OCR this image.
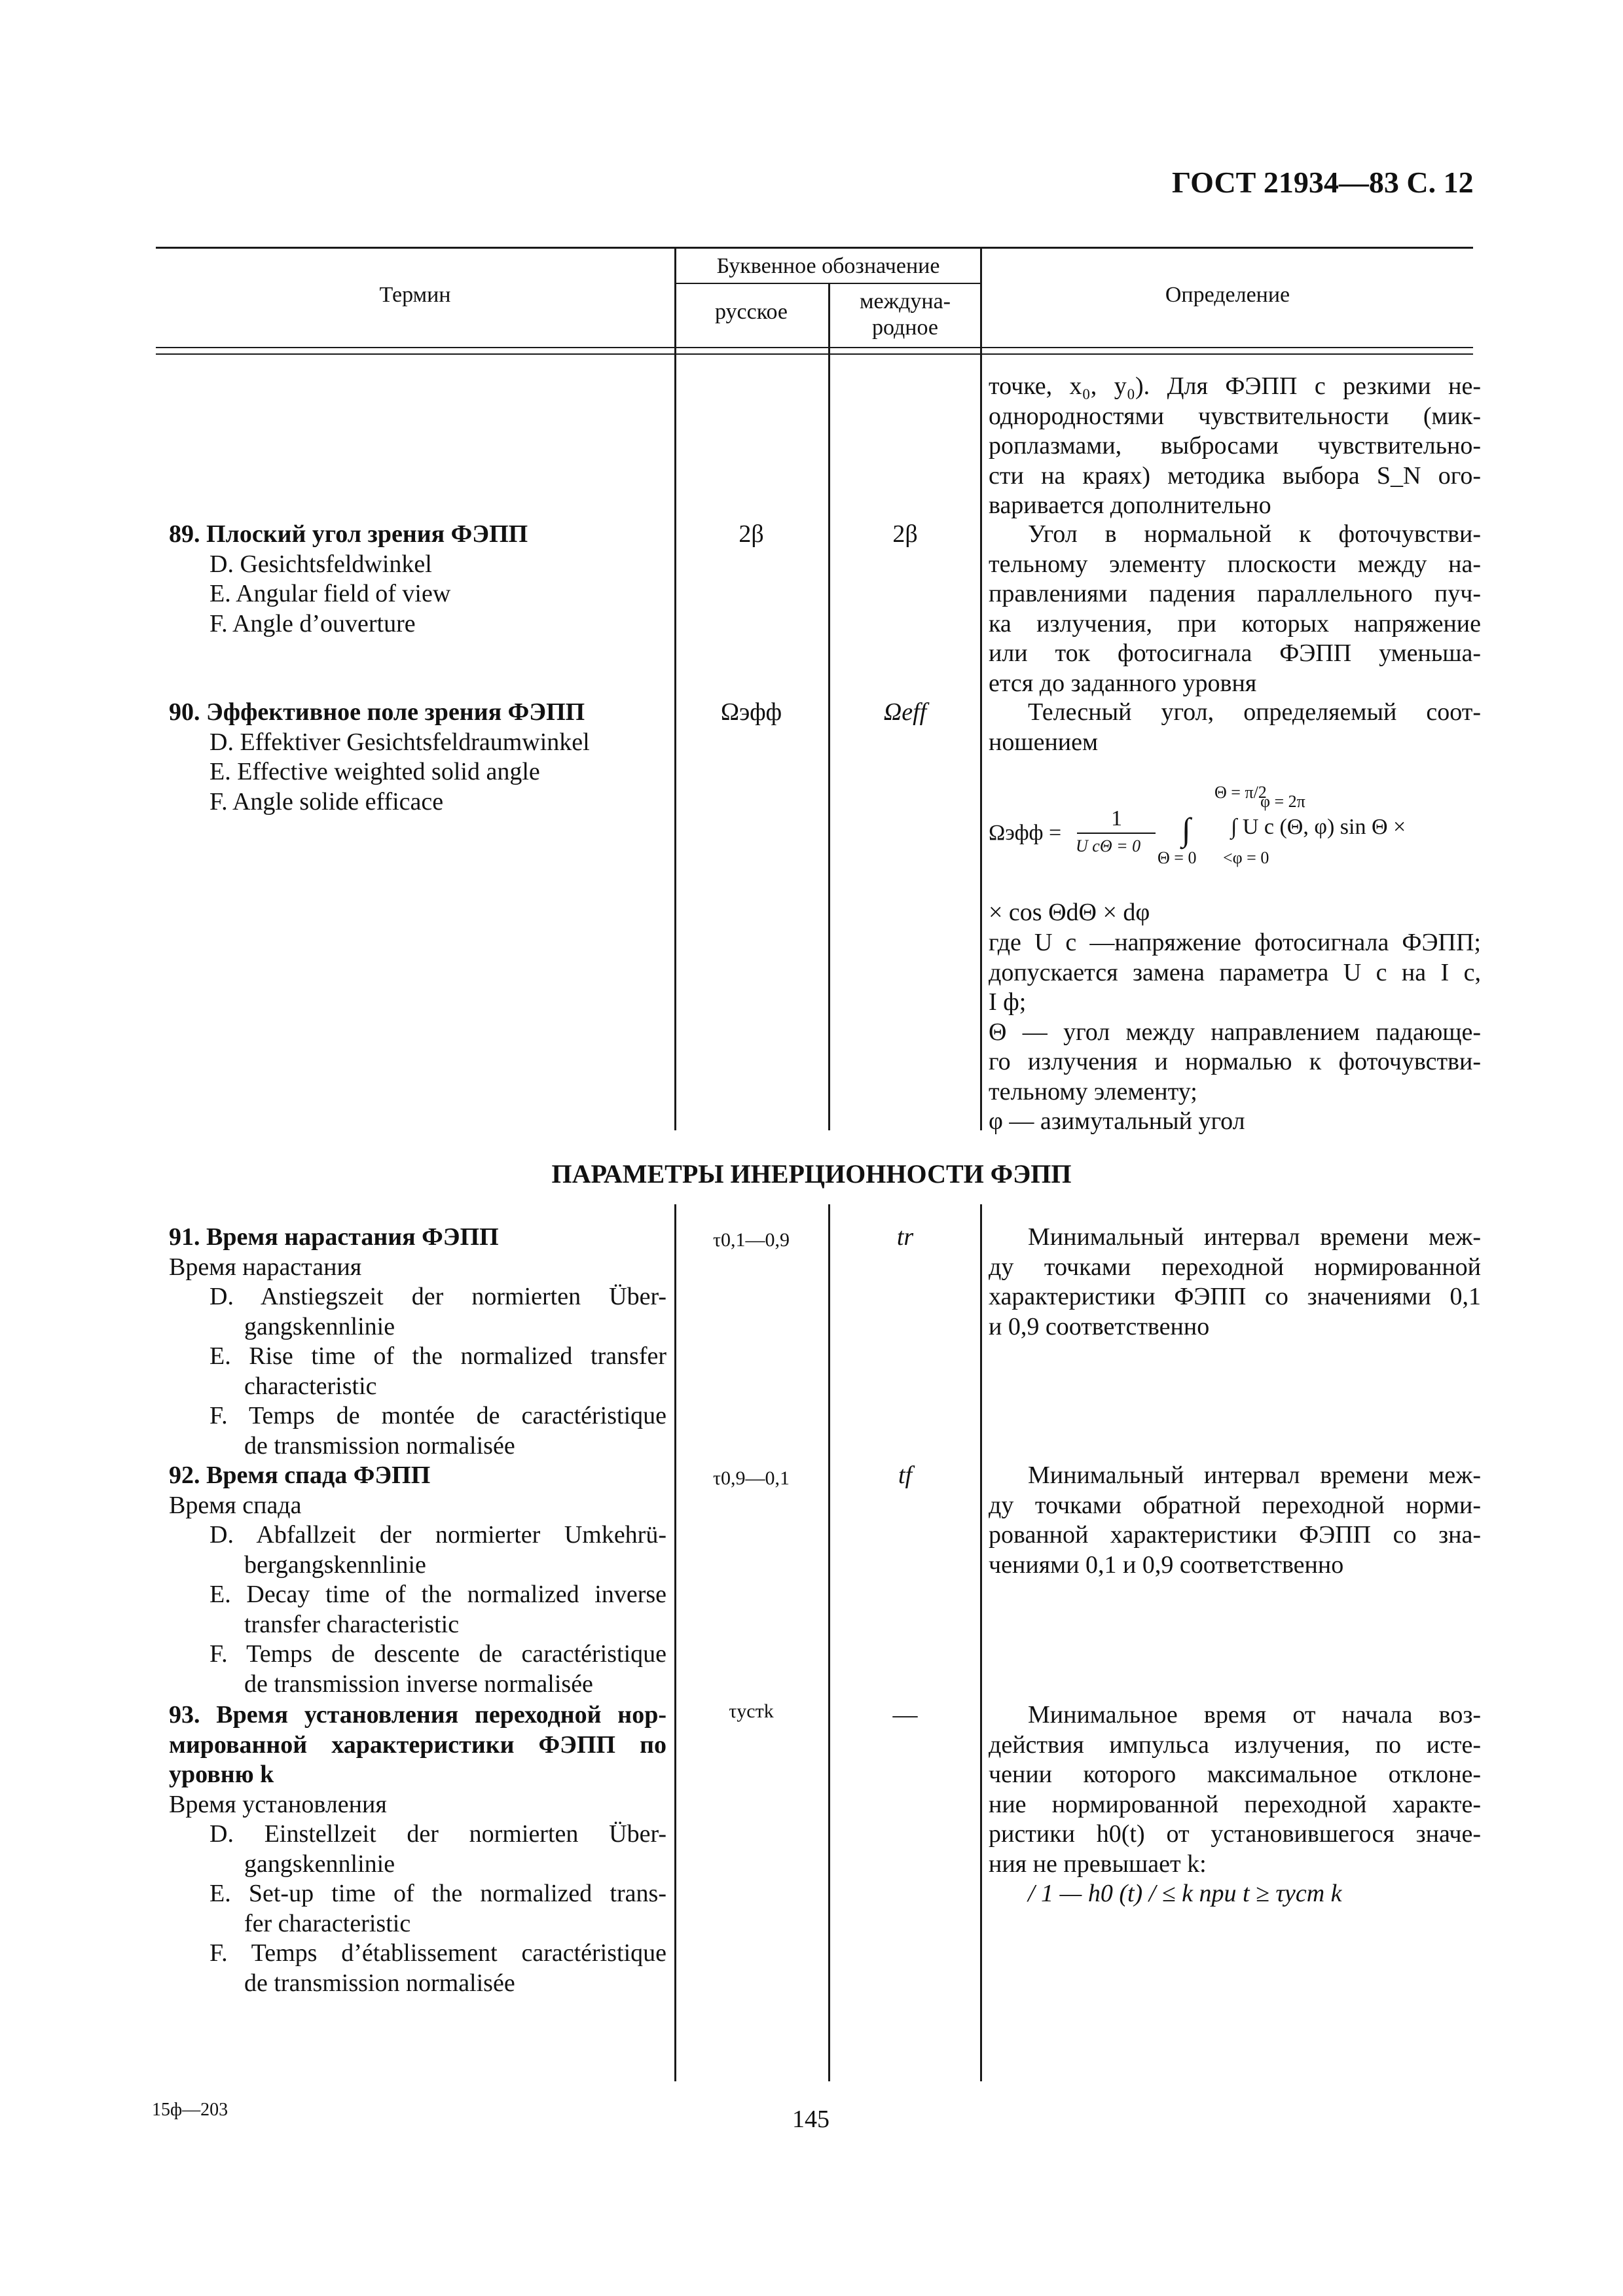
ГОСТ 21934—83 С. 12
Термин
Буквенное обозначение
русское	междуна-
родное
Определение
точке, x₀, y₀). Для ФЭПП с резкими не-
однородностями чувствительности (мик-
роплазмами, выбросами чувствительно-
сти на краях) методика выбора S_N ого-
варивается дополнительно
89. Плоский угол зрения ФЭПП
D. Gesichtsfeldwinkel
E. Angular field of view
F. Angle d’ouverture
2β	2β	Угол в нормальной к фоточувстви-
тельному элементу плоскости между на-
правлениями падения параллельного пуч-
ка излучения, при которых напряжение
или ток фотосигнала ФЭПП уменьша-
ется до заданного уровня
90. Эффективное поле зрения ФЭПП
D. Effektiver Gesichtsfeldraumwinkel
E. Effective weighted solid angle
F. Angle solide efficace
Ωэфф	Ωeff	Телесный угол, определяемый соот-
ношением
Θ = π/2
φ = 2π
Ωэфф =
1
U cΘ = 0 ∫ ∫ U c (Θ, φ) sin Θ ×
Θ = 0 <φ = 0
× cos ΘdΘ × dφ
где U c —напряжение фотосигнала ФЭПП;
допускается замена параметра U c на I c,
I ф;
Θ — угол между направлением падающе-
го излучения и нормалью к фоточувстви-
тельному элементу;
φ — азимутальный угол
ПАРАМЕТРЫ ИНЕРЦИОННОСТИ ФЭПП
91. Время нарастания ФЭПП
Время нарастания
D. Anstiegszeit der normierten Über-
gangskennlinie
E. Rise time of the normalized transfer
characteristic
F. Temps de montée de caractéristique
de transmission normalisée
τ0,1—0,9	tr	Минимальный интервал времени меж-
ду точками переходной нормированной
характеристики ФЭПП со значениями 0,1
и 0,9 соответственно
92. Время спада ФЭПП
Время спада
D. Abfallzeit der normierter Umkehrü-
bergangskennlinie
E. Decay time of the normalized inverse
transfer characteristic
F. Temps de descente de caractéristique
de transmission inverse normalisée
τ0,9—0,1	tf	Минимальный интервал времени меж-
ду точками обратной переходной норми-
рованной характеристики ФЭПП со зна-
чениями 0,1 и 0,9 соответственно
93. Время установления переходной нор-
мированной характеристики ФЭПП по
уровню k
Время установления
D. Einstellzeit der normierten Über-
gangskennlinie
E. Set-up time of the normalized trans-
fer characteristic
F. Temps d’établissement caractéristique
de transmission normalisée
τустk	—	Минимальное время от начала воз-
действия импульса излучения, по исте-
чении которого максимальное отклоне-
ние нормированной переходной характе-
ристики h0(t) от установившегося значе-
ния не превышает k:
/ 1 — h0 (t) / ≤ k при t ≥ τуст k
15ф—203	145
